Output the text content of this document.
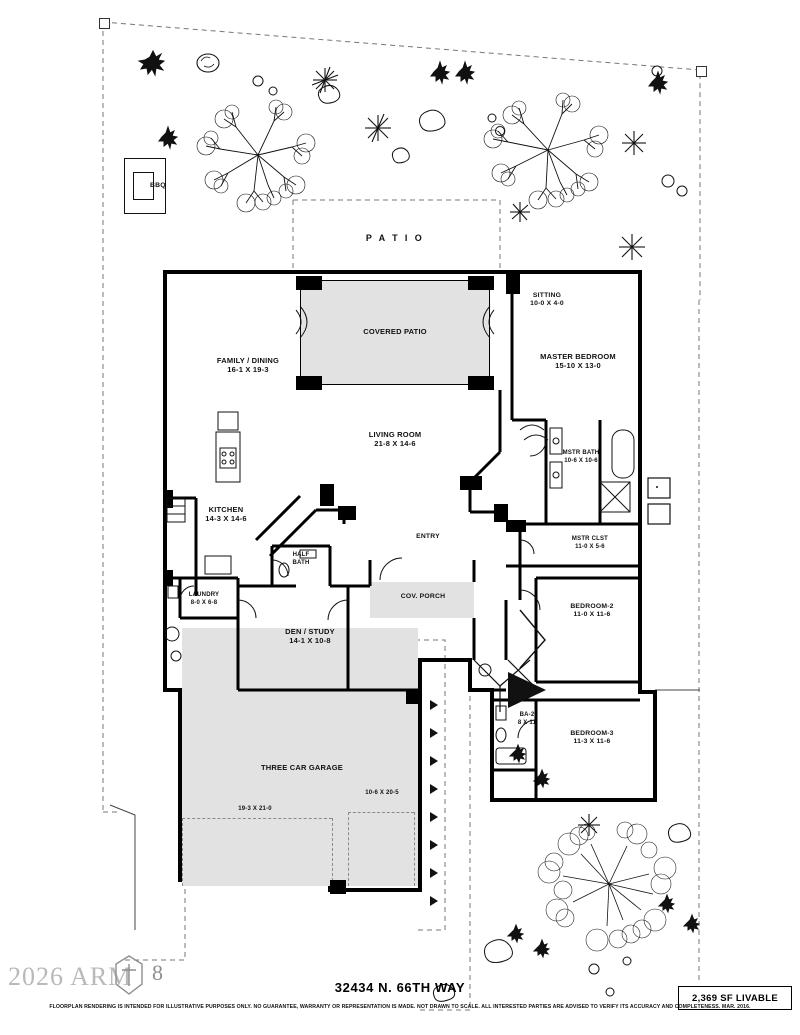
BBQ
P A T I O
COVERED PATIO
THREE CAR GARAGE
19-3 X 21-0
10-6 X 20-5
COV. PORCH
FAMILY / DINING
16-1 X 19-3
LIVING ROOM
21-8 X 14-6
KITCHEN
14-3 X 14-6
LAUNDRY
8-0 X 6-8
HALF
BATH
DEN / STUDY
14-1 X 10-8
ENTRY
SITTING
10-0 X 4-0
MASTER BEDROOM
15-10 X 13-0
MSTR BATH
10-6 X 10-6
MSTR CLST
11-0 X 5-6
BEDROOM-2
11-0 X 11-6
BEDROOM-3
11-3 X 11-6
BA-2
8 X 11
2026 ARM 8
32434 N. 66TH WAY
FLOORPLAN RENDERING IS INTENDED FOR ILLUSTRATIVE PURPOSES ONLY. NO GUARANTEE, WARRANTY OR REPRESENTATION IS MADE. NOT DRAWN TO SCALE. ALL INTERESTED PARTIES ARE ADVISED TO VERIFY ITS ACCURACY AND COMPLETENESS. MAR. 2016.
2,369 SF LIVABLE
